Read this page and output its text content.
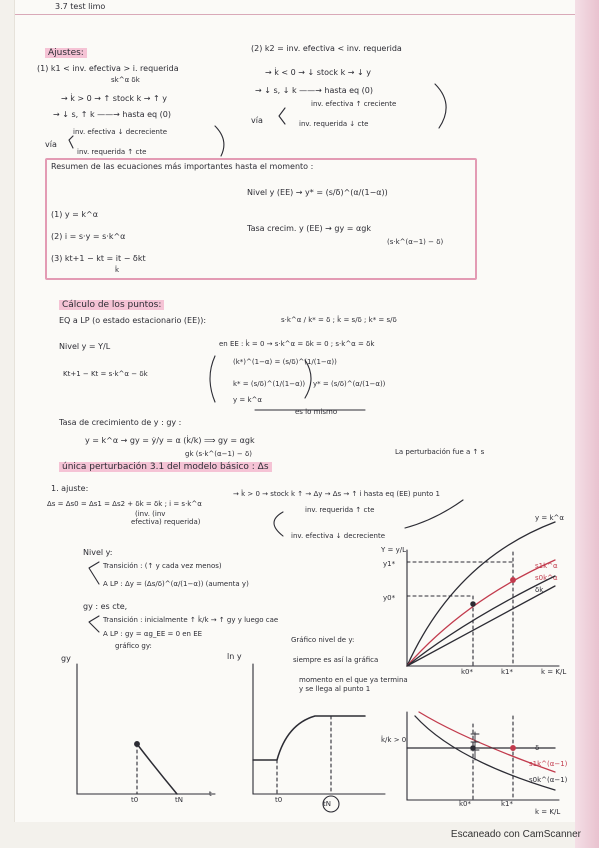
3.7 test limo
Ajustes:
(1) k1 < inv. efectiva > i. requerida
sk^α δk
→ k̇ > 0 → ↑ stock k → ↑ y
→ ↓ s, ↑ k ——→ hasta eq (0)
vía
inv. efectiva ↓ decreciente
inv. requerida ↑ cte
(2) k2 = inv. efectiva < inv. requerida
→ k̇ < 0 → ↓ stock k → ↓ y
→ ↓ s, ↓ k ——→ hasta eq (0)
vía
inv. efectiva ↑ creciente
inv. requerida ↓ cte
Resumen de las ecuaciones más importantes hasta el momento :
(1) y = k^α
(2) i = s·y = s·k^α
(3) kt+1 − kt = it − δkt
k̇
Nivel y (EE) → y* = (s/δ)^(α/(1−α))
Tasa crecim. y (EE) → gy = αgk
(s·k^(α−1) − δ)
Cálculo de los puntos:
EQ a LP (o estado estacionario (EE)):	s·k^α / k* = δ ; k̇ = s/δ ; k* = s/δ
Nivel y = Y/L	en EE : k̇ = 0 → s·k^α = δk = 0 ; s·k^α = δk
(k*)^(1−α) = (s/δ)^(1/(1−α))
Kt+1 − Kt = s·k^α − δk
k* = (s/δ)^(1/(1−α)) y* = (s/δ)^(α/(1−α))
y = k^α
es lo mismo
Tasa de crecimiento de y : gy :
y = k^α → gy = ẏ/y = α (k̇/k) ⟹ gy = αgk
gk (s·k^(α−1) − δ)
única perturbación 3.1 del modelo básico : Δs
La perturbación fue a ↑ s
1. ajuste:
Δs = Δs0 = Δs1 = Δs2 + δk = δk ; i = s·k^α
→ k̇ > 0 → stock k ↑ → Δy → Δs → ↑ i hasta eq (EE) punto 1
(inv. (inv
efectiva) requerida)
inv. requerida ↑ cte
inv. efectiva ↓ decreciente
Nivel y:
Transición : (↑ y cada vez menos)
A LP : Δy = (Δs/δ)^(α/(1−α)) (aumenta y)
gy : es cte,
Transición : inicialmente ↑ k̇/k → ↑ gy y luego cae
A LP : gy = αg_EE = 0 en EE
gráfico gy:
Gráfico nivel de y:
siempre es así la gráfica
momento en el que ya termina y se llega al punto 1
ln y
gy
t0	tN
t
t0	tN
Y = y/L
y1*
y0*
k0*	k1*	k = K/L
s1k^α
s0k^α
δk
y = k^α
k̇/k > 0
δ
s1k^(α−1)
s0k^(α−1)
k0*	k1*
k = K/L
Escaneado con CamScanner
